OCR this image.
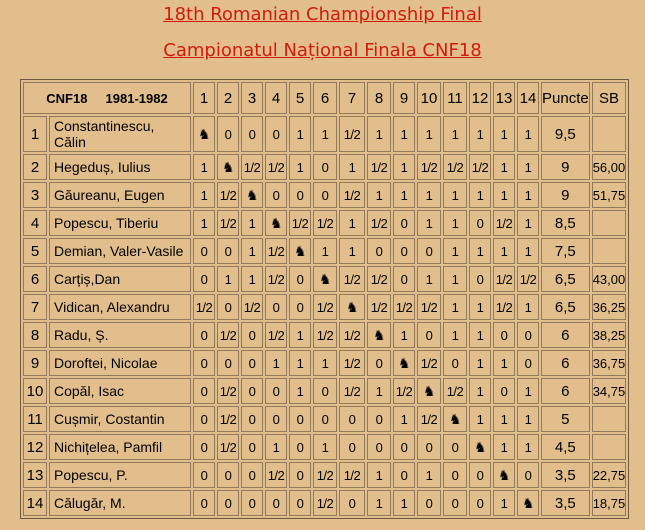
18th Romanian Championship Final
Campionatul Național Finala CNF18
CNF18 1981-1982		1	2	3	4	5	6	7	8	9	10	11	12	13	14	Puncte	SB
1	Constantinescu, Călin	♞	0	0	0	1	1	1/2	1	1	1	1	1	1	1	9,5	
2	Hegeduș, Iulius	1	♞	1/2	1/2	1	0	1	1/2	1	1/2	1/2	1/2	1	1	9	56,00
3	Găureanu, Eugen	1	1/2	♞	0	0	0	1/2	1	1	1	1	1	1	1	9	51,75
4	Popescu, Tiberiu	1	1/2	1	♞	1/2	1/2	1	1/2	0	1	1	0	1/2	1	8,5	
5	Demian, Valer-Vasile	0	0	1	1/2	♞	1	1	0	0	0	1	1	1	1	7,5	
6	Carțiș,Dan	0	1	1	1/2	0	♞	1/2	1/2	0	1	1	0	1/2	1/2	6,5	43,00
7	Vidican, Alexandru	1/2	0	1/2	0	0	1/2	♞	1/2	1/2	1/2	1	1	1/2	1	6,5	36,25
8	Radu, Ș.	0	1/2	0	1/2	1	1/2	1/2	♞	1	0	1	1	0	0	6	38,25
9	Doroftei, Nicolae	0	0	0	1	1	1	1/2	0	♞	1/2	0	1	1	0	6	36,75
10	Copăl, Isac	0	1/2	0	0	1	0	1/2	1	1/2	♞	1/2	1	0	1	6	34,75
11	Cușmir, Costantin	0	1/2	0	0	0	0	0	0	1	1/2	♞	1	1	1	5	
12	Nichițelea, Pamfil	0	1/2	0	1	0	1	0	0	0	0	0	♞	1	1	4,5	
13	Popescu, P.	0	0	0	1/2	0	1/2	1/2	1	0	1	0	0	♞	0	3,5	22,75
14	Călugăr, M.	0	0	0	0	0	1/2	0	1	1	0	0	0	1	♞	3,5	18,75
